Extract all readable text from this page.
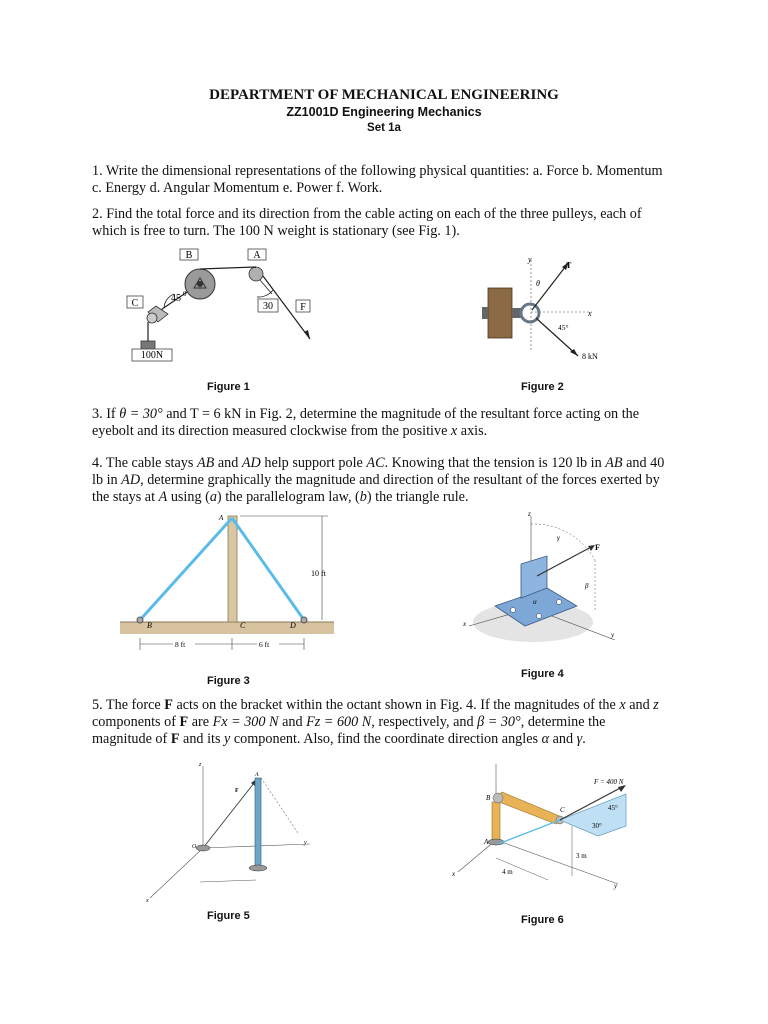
DEPARTMENT OF MECHANICAL ENGINEERING
ZZ1001D Engineering Mechanics
Set 1a
1. Write the dimensional representations of the following physical quantities: a. Force b. Momentum
c. Energy d. Angular Momentum e. Power f. Work.
2. Find the total force and its direction from the cable acting on each of the three pulleys, each of
which is free to turn. The 100 N weight is stationary (see Fig. 1).
B	A
30	F
45 0
C
100N
Figure 1
y
x
T
θ
45°
8 kN
Figure 2
3. If θ = 30° and T = 6 kN in Fig. 2, determine the magnitude of the resultant force acting on the
eyebolt and its direction measured clockwise from the positive x axis.
4. The cable stays AB and AD help support pole AC. Knowing that the tension is 120 lb in AB and 40
lb in AD, determine graphically the magnitude and direction of the resultant of the forces exerted by
the stays at A using (a) the parallelogram law, (b) the triangle rule.
A
B	C	D
10 ft
8 ft	6 ft
Figure 3
z
y
x
F
β
α
γ
Figure 4
5. The force F acts on the bracket within the octant shown in Fig. 4. If the magnitudes of the x and z
components of F are Fx = 300 N and Fz = 600 N, respectively, and β = 30°, determine the
magnitude of F and its y component. Also, find the coordinate direction angles α and γ.
z
y
x
F
A
O
Figure 5
x
y
A
B
C
F = 400 N
45°
30°
3 m
4 m
Figure 6
